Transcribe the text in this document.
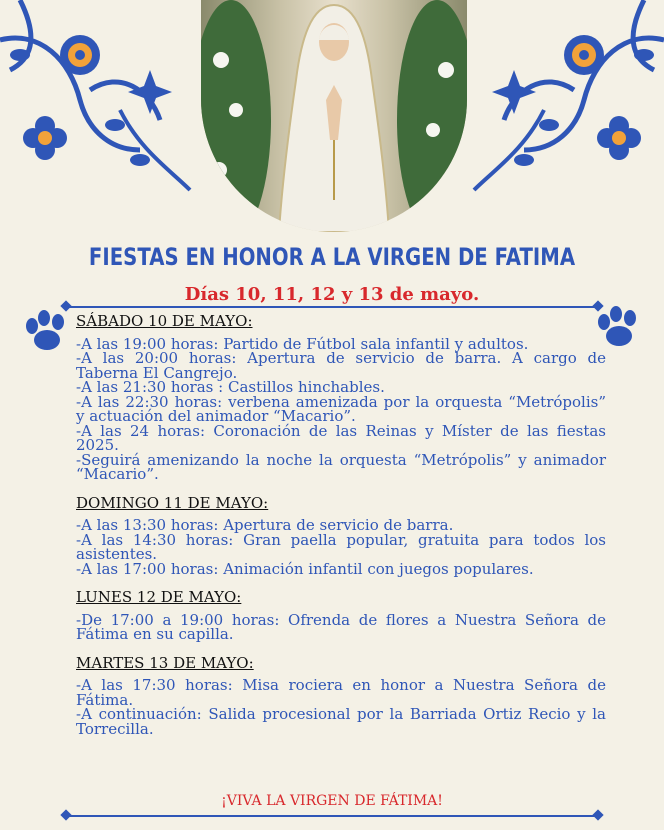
FIESTAS EN HONOR A LA VIRGEN DE FATIMA
Días 10, 11, 12 y 13 de mayo.
SÁBADO 10 DE MAYO:

-A las 19:00 horas: Partido de Fútbol sala infantil y adultos.

-A las 20:00 horas: Apertura de servicio de barra. A cargo de Taberna El Cangrejo.

-A las 21:30 horas : Castillos hinchables.

-A las 22:30 horas: verbena amenizada por la orquesta “Metrópolis” y actuación del animador “Macario”.

-A las 24 horas: Coronación de las Reinas y Míster de las fiestas 2025.

-Seguirá amenizando la noche la orquesta “Metrópolis” y animador “Macario”.

DOMINGO 11 DE MAYO:

-A las 13:30 horas: Apertura de servicio de barra.

-A las 14:30 horas: Gran paella popular, gratuita para todos los asistentes.

-A las 17:00 horas: Animación infantil con juegos populares.

LUNES 12 DE MAYO:

-De 17:00 a 19:00 horas: Ofrenda de flores a Nuestra Señora de Fátima en su capilla.

MARTES 13 DE MAYO:

-A las 17:30 horas: Misa rociera en honor a Nuestra Señora de Fátima.

-A continuación: Salida procesional por la Barriada Ortiz Recio y la Torrecilla.

¡VIVA LA VIRGEN DE FÁTIMA!
